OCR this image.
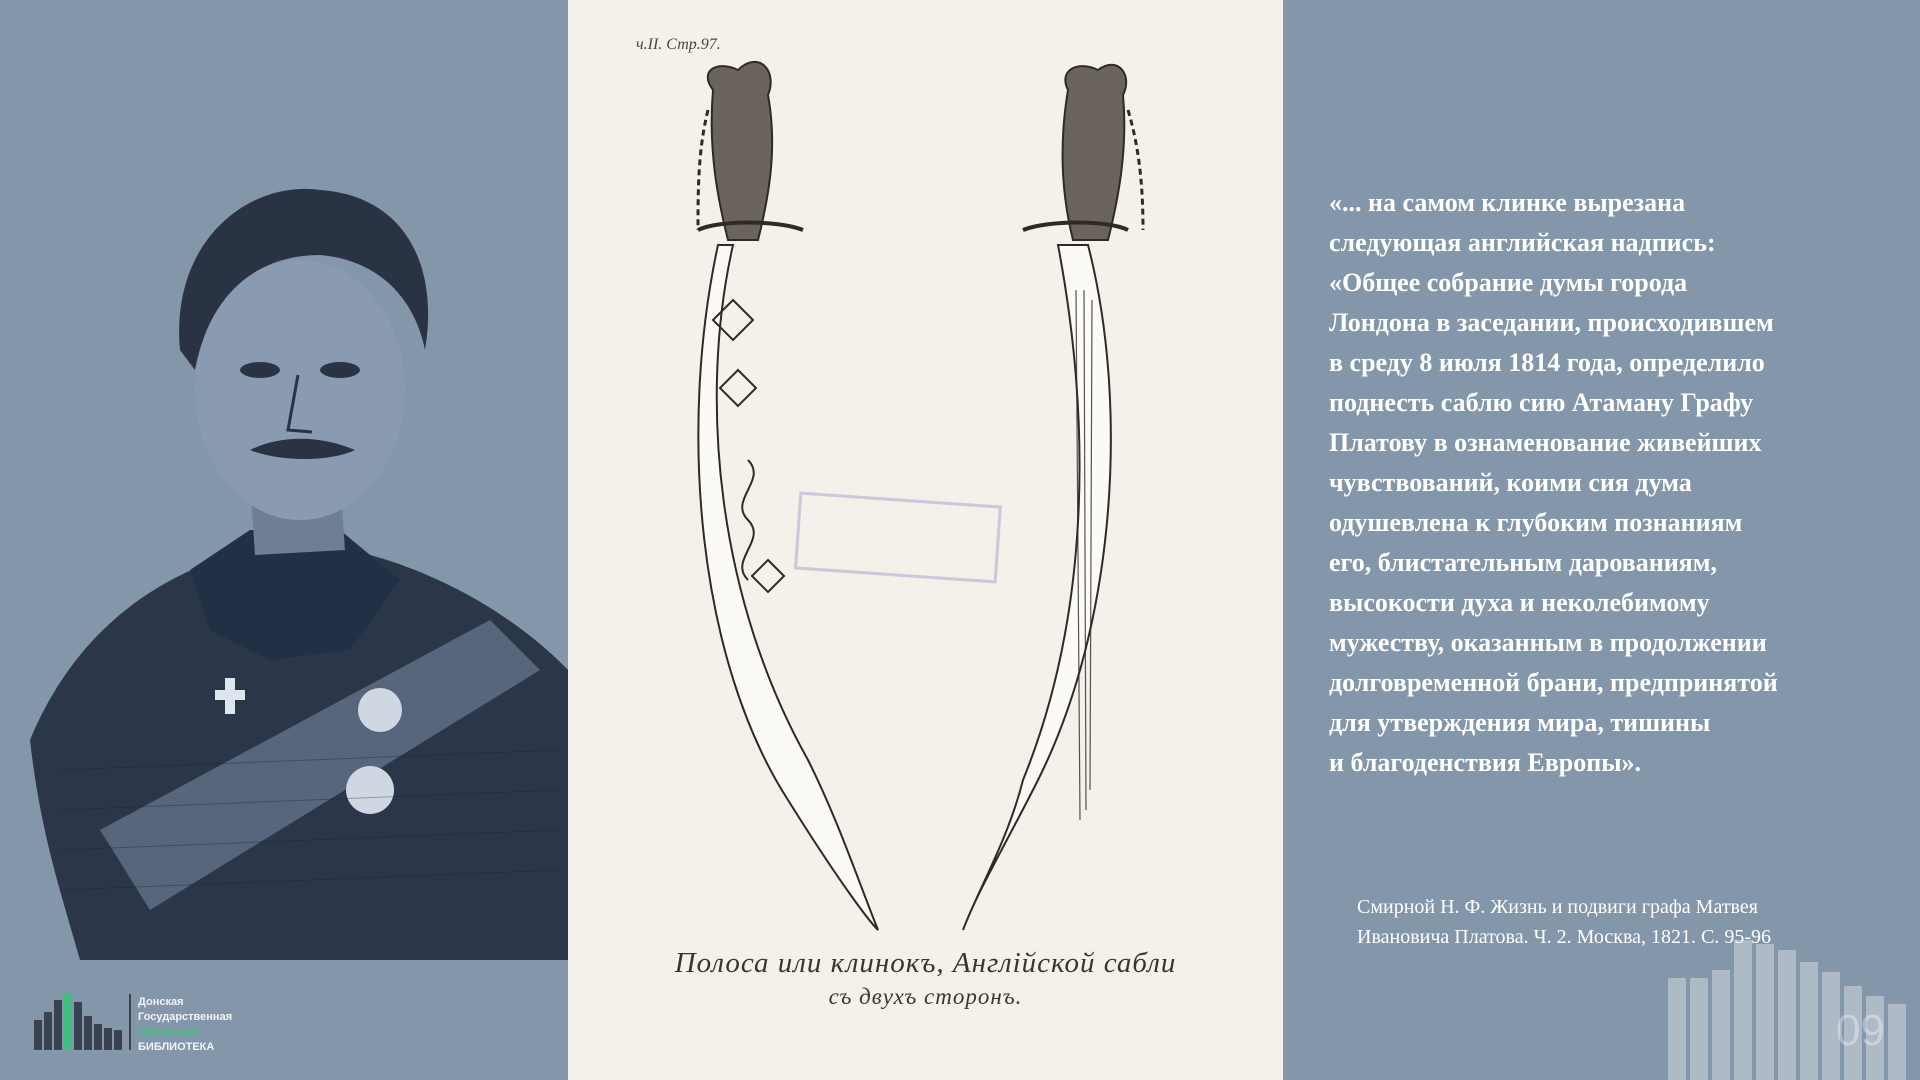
ч.II. Стр.97.
Полоса или клинокъ, Англiйской сабли
съ двухъ сторонъ.
«... на самом клинке вырезана
следующая английская надпись:
«Общее собрание думы города
Лондона в заседании, происходившем
в среду 8 июля 1814 года, определило
поднесть саблю сию Атаману Графу
Платову в ознаменование живейших
чувствований, коими сия дума
одушевлена к глубоким познаниям
его, блистательным дарованиям,
высокости духа и неколебимому
мужеству, оказанным в продолжении
долговременной брани, предпринятой
для утверждения мира, тишины
и благоденствия Европы».
Смирной Н. Ф. Жизнь и подвиги графа Матвея
Ивановича Платова. Ч. 2. Москва, 1821. С. 95-96
Донская
Государственная
Публичная
БИБЛИОТЕКА	09
